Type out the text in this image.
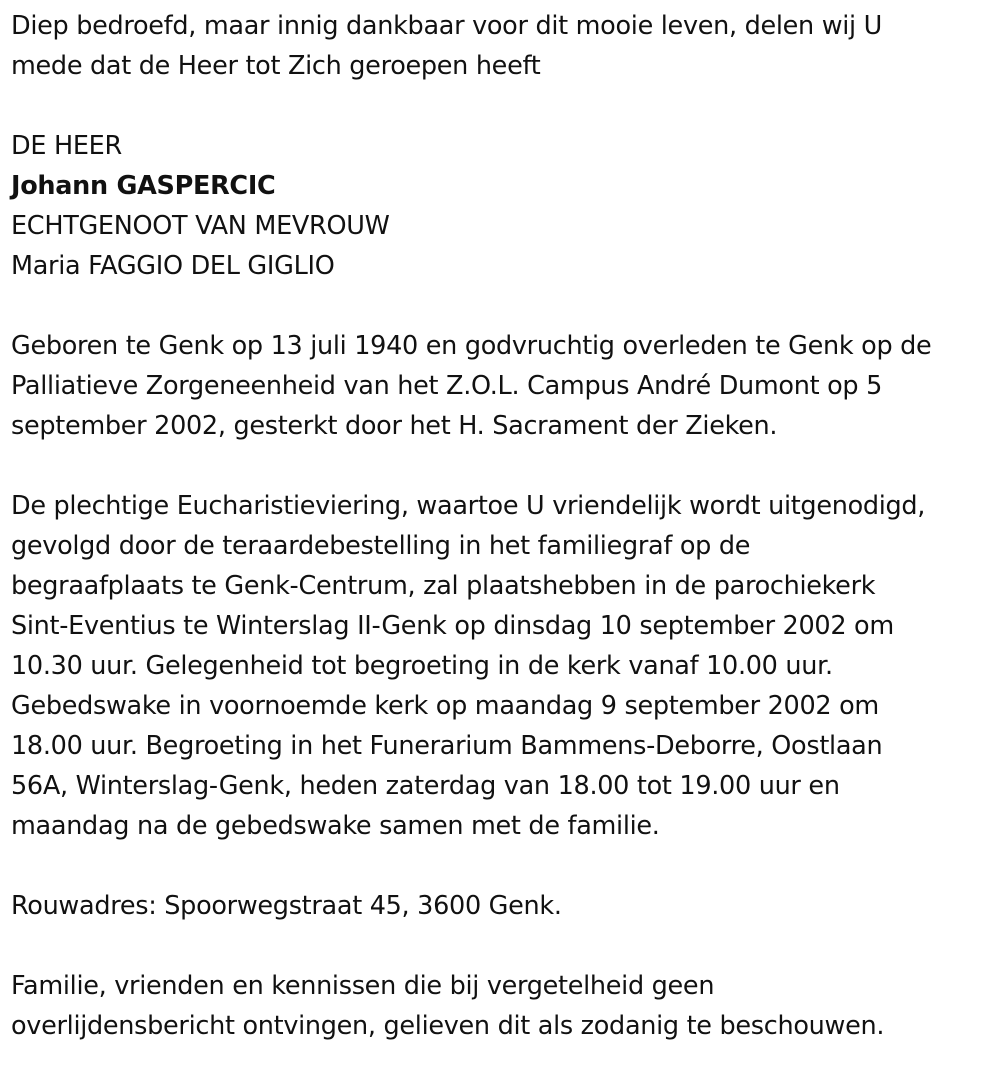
Diep bedroefd, maar innig dankbaar voor dit mooie leven, delen wij U
mede dat de Heer tot Zich geroepen heeft
DE HEER
Johann GASPERCIC
ECHTGENOOT VAN MEVROUW
Maria FAGGIO DEL GIGLIO
Geboren te Genk op 13 juli 1940 en godvruchtig overleden te Genk op de
Palliatieve Zorgeneenheid van het Z.O.L. Campus André Dumont op 5
september 2002, gesterkt door het H. Sacrament der Zieken.
De plechtige Eucharistieviering, waartoe U vriendelijk wordt uitgenodigd,
gevolgd door de teraardebestelling in het familiegraf op de
begraafplaats te Genk-Centrum, zal plaatshebben in de parochiekerk
Sint-Eventius te Winterslag II-Genk op dinsdag 10 september 2002 om
10.30 uur. Gelegenheid tot begroeting in de kerk vanaf 10.00 uur.
Gebedswake in voornoemde kerk op maandag 9 september 2002 om
18.00 uur. Begroeting in het Funerarium Bammens-Deborre, Oostlaan
56A, Winterslag-Genk, heden zaterdag van 18.00 tot 19.00 uur en
maandag na de gebedswake samen met de familie.
Rouwadres: Spoorwegstraat 45, 3600 Genk.
Familie, vrienden en kennissen die bij vergetelheid geen
overlijdensbericht ontvingen, gelieven dit als zodanig te beschouwen.
